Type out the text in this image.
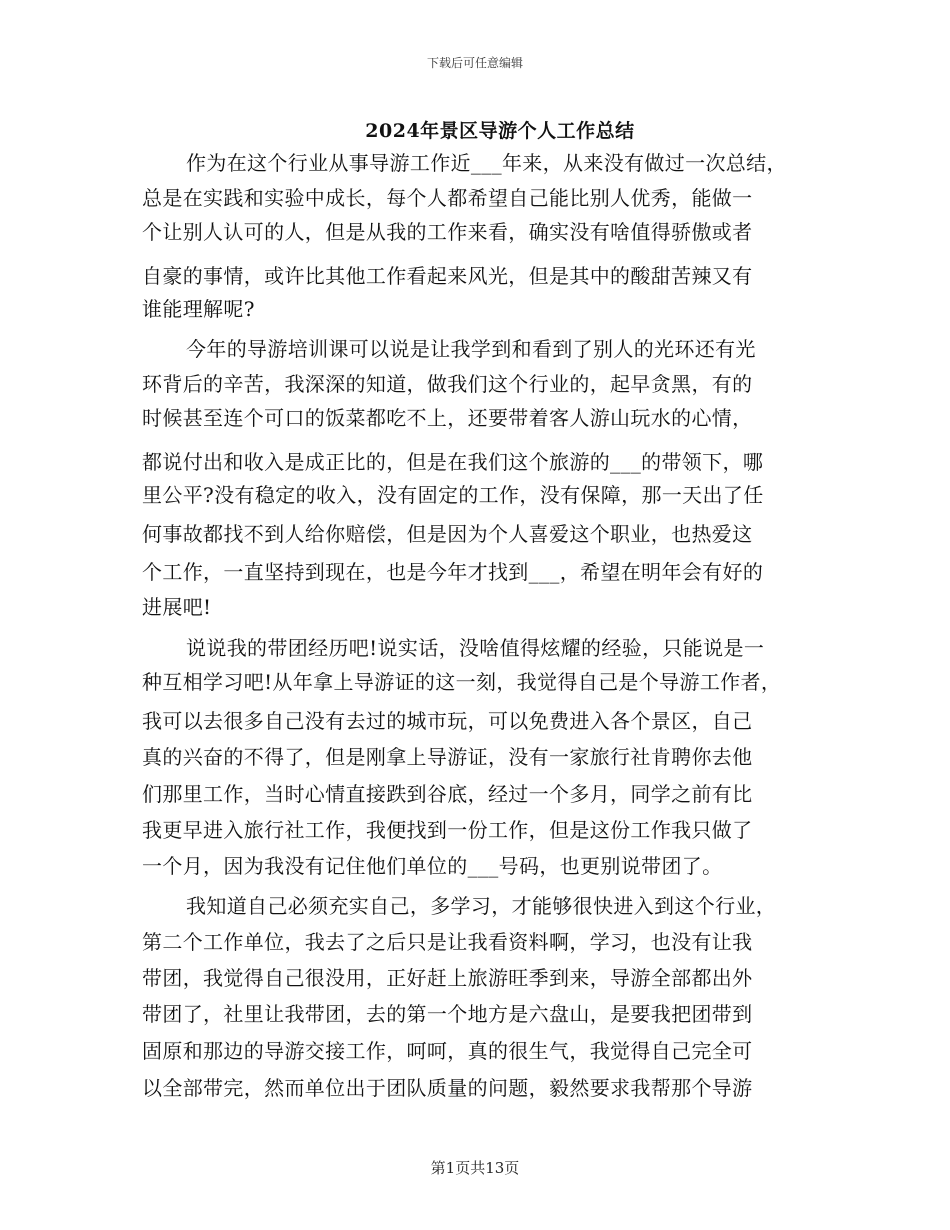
下载后可任意编辑
2024年景区导游个人工作总结
作为在这个行业从事导游工作近___年来，从来没有做过一次总结，
总是在实践和实验中成长，每个人都希望自己能比别人优秀，能做一
个让别人认可的人，但是从我的工作来看，确实没有啥值得骄傲或者
自豪的事情，或许比其他工作看起来风光，但是其中的酸甜苦辣又有
谁能理解呢?
今年的导游培训课可以说是让我学到和看到了别人的光环还有光
环背后的辛苦，我深深的知道，做我们这个行业的，起早贪黑，有的
时候甚至连个可口的饭菜都吃不上，还要带着客人游山玩水的心情，
都说付出和收入是成正比的，但是在我们这个旅游的___的带领下，哪
里公平?没有稳定的收入，没有固定的工作，没有保障，那一天出了任
何事故都找不到人给你赔偿，但是因为个人喜爱这个职业，也热爱这
个工作，一直坚持到现在，也是今年才找到___，希望在明年会有好的
进展吧!
说说我的带团经历吧!说实话，没啥值得炫耀的经验，只能说是一
种互相学习吧!从年拿上导游证的这一刻，我觉得自己是个导游工作者，
我可以去很多自己没有去过的城市玩，可以免费进入各个景区，自己
真的兴奋的不得了，但是刚拿上导游证，没有一家旅行社肯聘你去他
们那里工作，当时心情直接跌到谷底，经过一个多月，同学之前有比
我更早进入旅行社工作，我便找到一份工作，但是这份工作我只做了
一个月，因为我没有记住他们单位的___号码，也更别说带团了。
我知道自己必须充实自己，多学习，才能够很快进入到这个行业，
第二个工作单位，我去了之后只是让我看资料啊，学习，也没有让我
带团，我觉得自己很没用，正好赶上旅游旺季到来，导游全部都出外
带团了，社里让我带团，去的第一个地方是六盘山，是要我把团带到
固原和那边的导游交接工作，呵呵，真的很生气，我觉得自己完全可
以全部带完，然而单位出于团队质量的问题，毅然要求我帮那个导游
第1页共13页
